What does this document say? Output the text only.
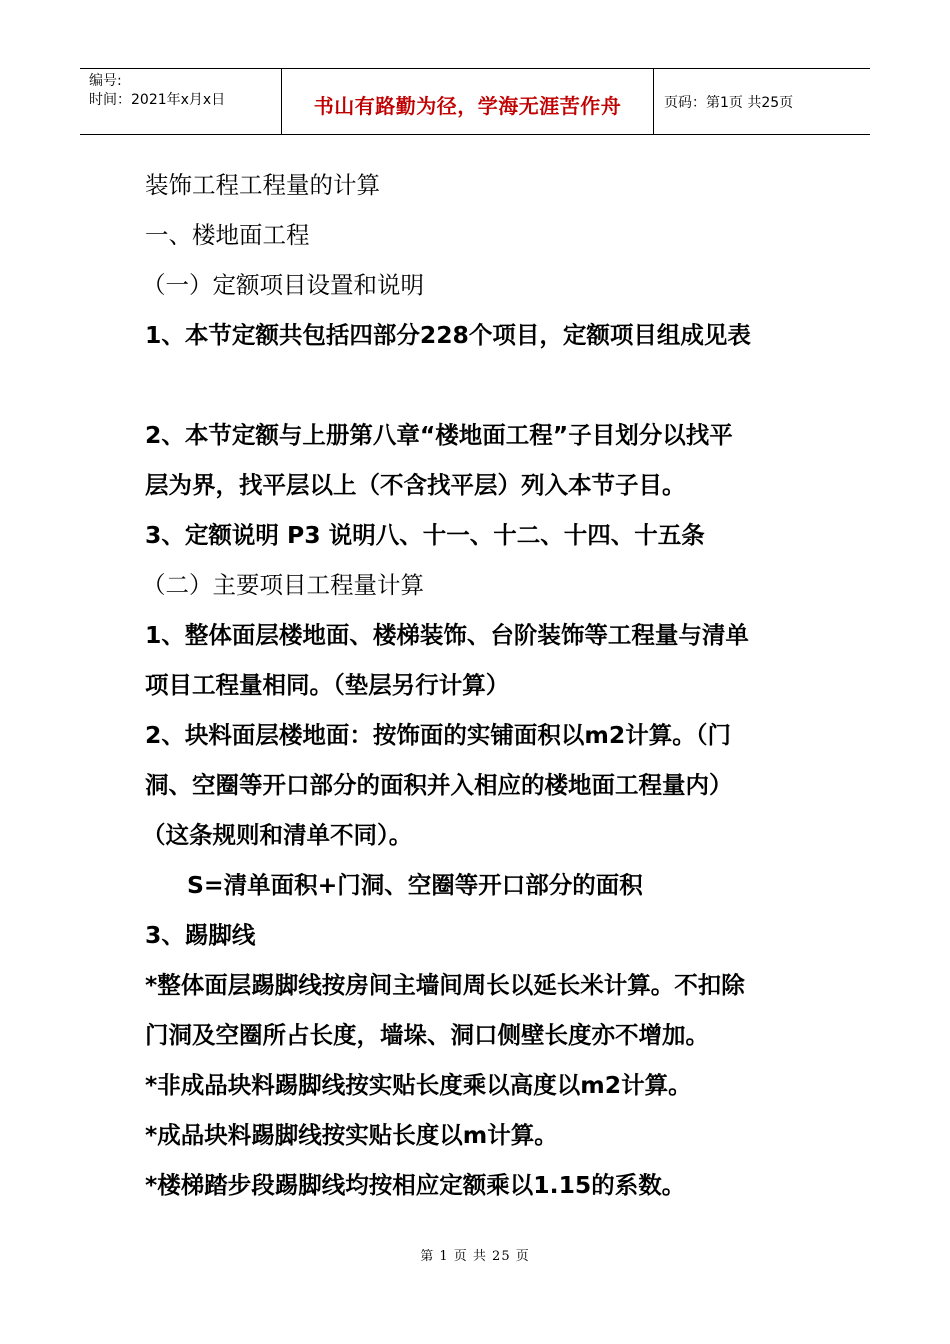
编号:
时间：2021年x月x日	书山有路勤为径，学海无涯苦作舟	页码：第1页 共25页
装饰工程工程量的计算
一、楼地面工程
（一）定额项目设置和说明
1、本节定额共包括四部分228个项目，定额项目组成见表
2、本节定额与上册第八章“楼地面工程”子目划分以找平
层为界，找平层以上（不含找平层）列入本节子目。
3、定额说明 P3 说明八、十一、十二、十四、十五条
（二）主要项目工程量计算
1、整体面层楼地面、楼梯装饰、台阶装饰等工程量与清单
项目工程量相同。（垫层另行计算）
2、块料面层楼地面：按饰面的实铺面积以m2计算。（门
洞、空圈等开口部分的面积并入相应的楼地面工程量内）
（这条规则和清单不同）。
S=清单面积+门洞、空圈等开口部分的面积
3、踢脚线
*整体面层踢脚线按房间主墙间周长以延长米计算。不扣除
门洞及空圈所占长度，墙垛、洞口侧壁长度亦不增加。
*非成品块料踢脚线按实贴长度乘以高度以m2计算。
*成品块料踢脚线按实贴长度以m计算。
*楼梯踏步段踢脚线均按相应定额乘以1.15的系数。
第 1 页 共 25 页
